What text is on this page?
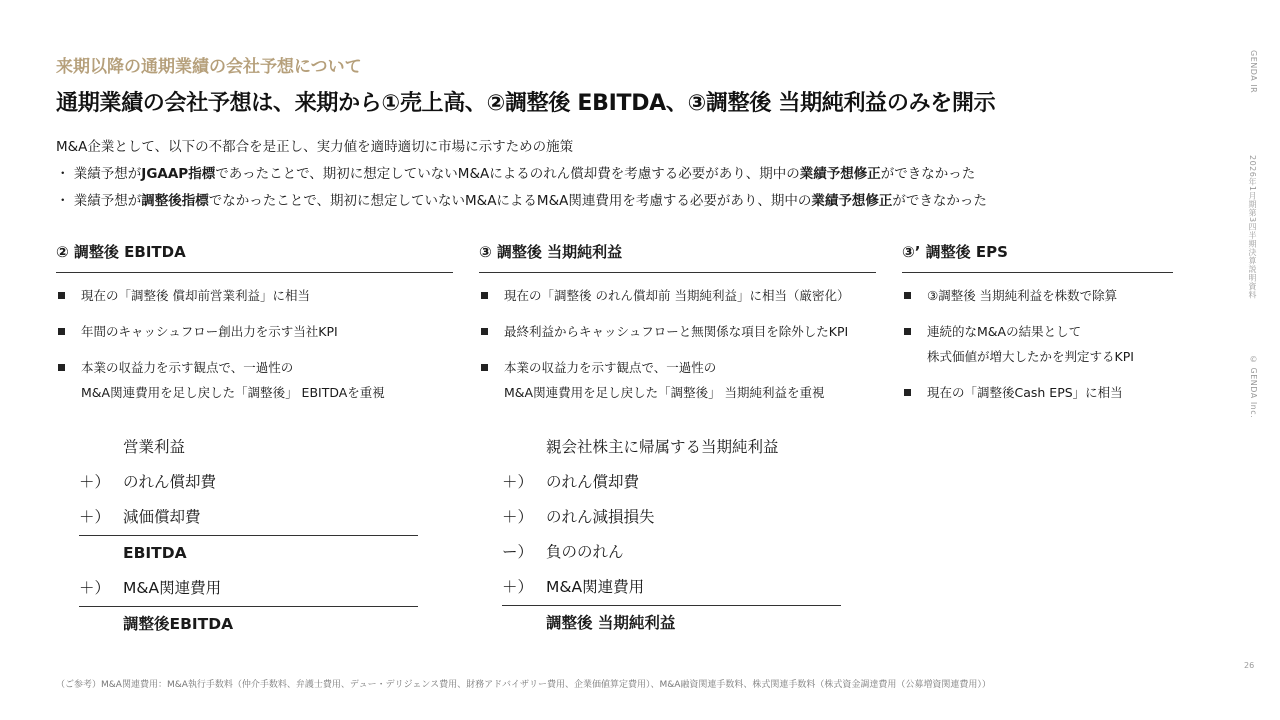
来期以降の通期業績の会社予想について
通期業績の会社予想は、来期から①売上高、②調整後 EBITDA、③調整後 当期純利益のみを開示
M&A企業として、以下の不都合を是正し、実力値を適時適切に市場に示すための施策
・ 業績予想がJGAAP指標であったことで、期初に想定していないM&Aによるのれん償却費を考慮する必要があり、期中の業績予想修正ができなかった
・ 業績予想が調整後指標でなかったことで、期初に想定していないM&AによるM&A関連費用を考慮する必要があり、期中の業績予想修正ができなかった
② 調整後 EBITDA
現在の「調整後 償却前営業利益」に相当
年間のキャッシュフロー創出力を示す当社KPI
本業の収益力を示す観点で、一過性の
M&A関連費用を足し戻した「調整後」 EBITDAを重視
③ 調整後 当期純利益
現在の「調整後 のれん償却前 当期純利益」に相当（厳密化）
最終利益からキャッシュフローと無関係な項目を除外したKPI
本業の収益力を示す観点で、一過性の
M&A関連費用を足し戻した「調整後」 当期純利益を重視
③’ 調整後 EPS
③調整後 当期純利益を株数で除算
連続的なM&Aの結果として
株式価値が増大したかを判定するKPI
現在の「調整後Cash EPS」に相当
営業利益
＋） のれん償却費
＋） 減価償却費
EBITDA
＋） M&A関連費用
調整後EBITDA
親会社株主に帰属する当期純利益
＋） のれん償却費
＋） のれん減損損失
ー） 負ののれん
＋） M&A関連費用
調整後 当期純利益
GENDA IR
2026年1月期第3四半期決算説明資料
© GENDA Inc.
26
（ご参考）M&A関連費用：M&A執行手数料（仲介手数料、弁護士費用、デュー・デリジェンス費用、財務アドバイザリー費用、企業価値算定費用）、M&A融資関連手数料、株式関連手数料（株式資金調達費用（公募増資関連費用））
